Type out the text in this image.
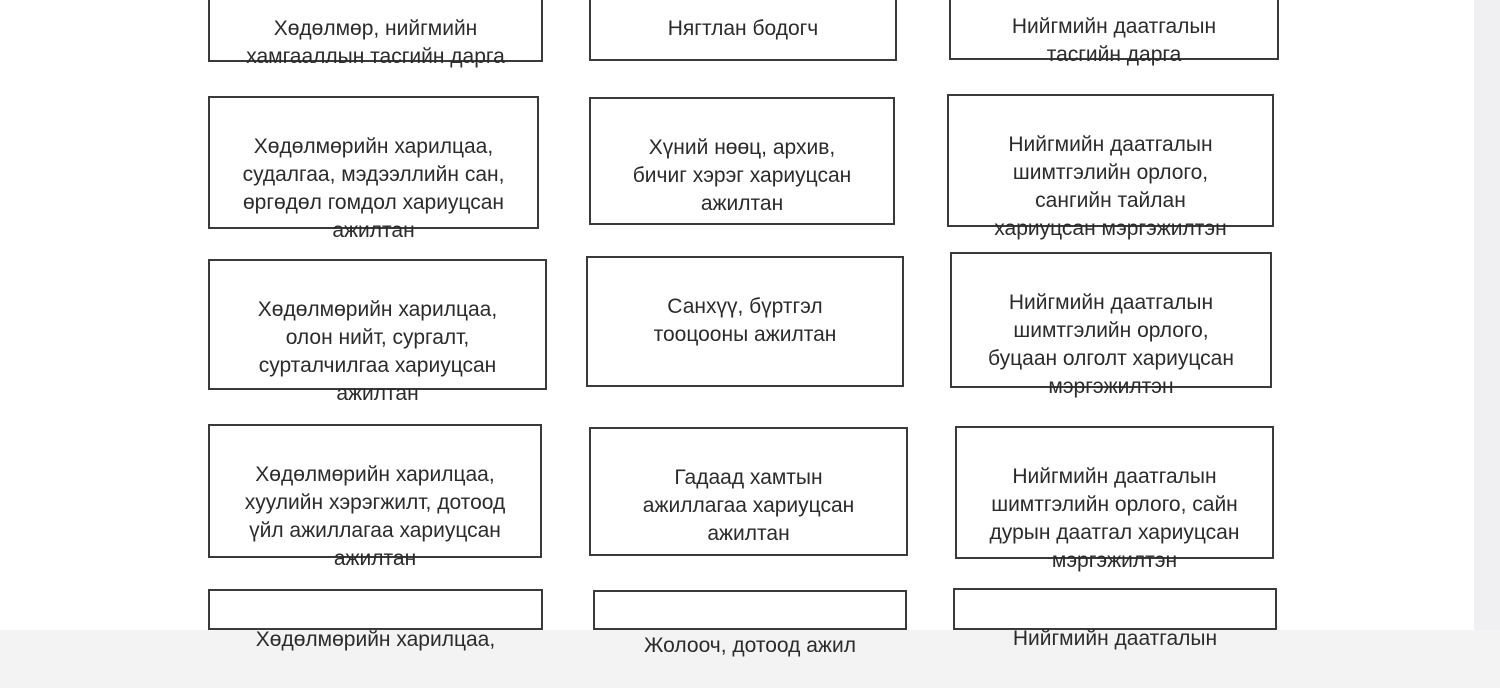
Хөдөлмөр, нийгмийн
хамгааллын тасгийн дарга

Нягтлан бодогч	Нийгмийн даатгалын
тасгийн дарга

Хөдөлмөрийн харилцаа,
судалгаа, мэдээллийн сан,
өргөдөл гомдол хариуцсан
ажилтан

Хүний нөөц, архив,
бичиг хэрэг хариуцсан
ажилтан

Нийгмийн даатгалын
шимтгэлийн орлого,
сангийн тайлан
хариуцсан мэргэжилтэн

Хөдөлмөрийн харилцаа,
олон нийт, сургалт,
сурталчилгаа хариуцсан
ажилтан

Санхүү, бүртгэл
тооцооны ажилтан

Нийгмийн даатгалын
шимтгэлийн орлого,
буцаан олголт хариуцсан
мэргэжилтэн

Хөдөлмөрийн харилцаа,
хуулийн хэрэгжилт, дотоод
үйл ажиллагаа хариуцсан
ажилтан

Гадаад хамтын
ажиллагаа хариуцсан
ажилтан

Нийгмийн даатгалын
шимтгэлийн орлого, сайн
дурын даатгал хариуцсан
мэргэжилтэн

Хөдөлмөрийн харилцаа,	Жолооч, дотоод ажил	Нийгмийн даатгалын
